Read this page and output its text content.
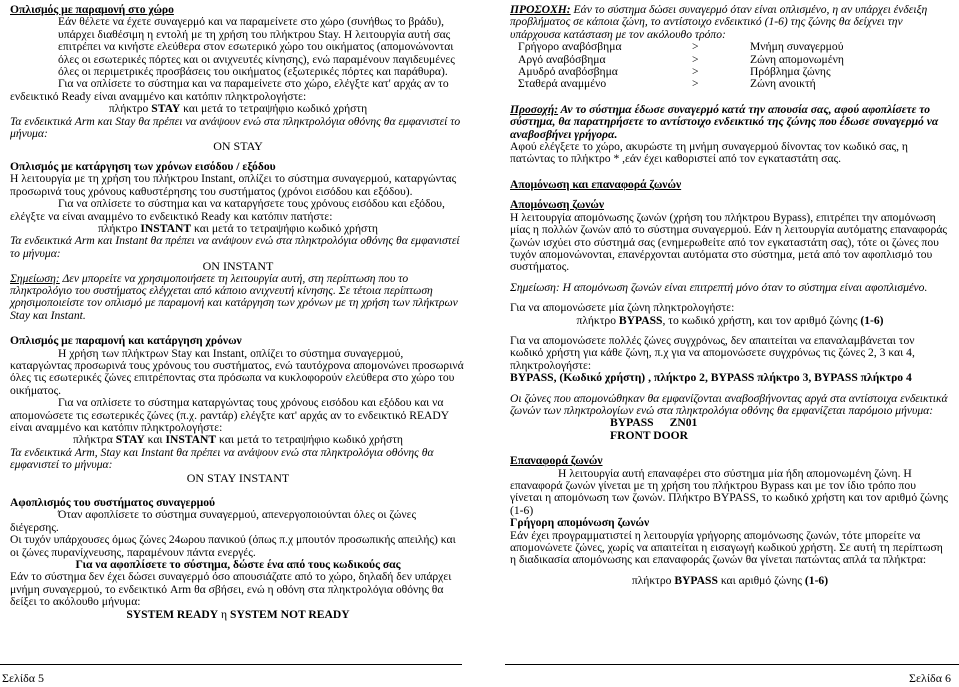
Οπλισμός με παραμονή στο χώρο

Εάν θέλετε να έχετε συναγερμό και να παραμείνετε στο χώρο (συνήθως το βράδυ), υπάρχει διαθέσιμη η εντολή με τη χρήση του πλήκτρου Stay. Η λειτουργία αυτή σας επιτρέπει να κινήστε ελεύθερα στον εσωτερικό χώρο του οικήματος (απομονώνονται όλες οι εσωτερικές πόρτες και οι ανιχνευτές κίνησης), ενώ παραμένουν παγιδευμένες όλες οι περιμετρικές προσβάσεις του οικήματος (εξωτερικές πόρτες και παράθυρα).

Για να οπλίσετε το σύστημα και να παραμείνετε στο χώρο, ελέγξτε κατ' αρχάς αν το ενδεικτικό Ready είναι αναμμένο και κατόπιν πληκτρολογήστε:

πλήκτρο STAY και μετά το τετραψήφιο κωδικό χρήστη

Τα ενδεικτικά Arm και Stay θα πρέπει να ανάψουν ενώ στα πληκτρολόγια οθόνης θα εμφανιστεί το μήνυμα:

ON STAY

Οπλισμός με κατάργηση των χρόνων εισόδου / εξόδου

Η λειτουργία με τη χρήση του πλήκτρου Instant, οπλίζει το σύστημα συναγερμού, καταργώντας προσωρινά τους χρόνους καθυστέρησης του συστήματος (χρόνοι εισόδου και εξόδου).

Για να οπλίσετε το σύστημα και να καταργήσετε τους χρόνους εισόδου και εξόδου, ελέγξτε να είναι αναμμένο το ενδεικτικό Ready και κατόπιν πατήστε:

πλήκτρο INSTANT και μετά το τετραψήφιο κωδικό χρήστη

Τα ενδεικτικά Arm και Instant θα πρέπει να ανάψουν ενώ στα πληκτρολόγια οθόνης θα εμφανιστεί το μήνυμα:

ON INSTANT

Σημείωση: Δεν μπορείτε να χρησιμοποιήσετε τη λειτουργία αυτή, στη περίπτωση που το πληκτρολόγιο του συστήματος ελέγχεται από κάποιο ανιχνευτή κίνησης. Σε τέτοια περίπτωση χρησιμοποιείστε τον οπλισμό με παραμονή και κατάργηση των χρόνων με τη χρήση των πλήκτρων Stay και Instant.

Οπλισμός με παραμονή και κατάργηση χρόνων

Η χρήση των πλήκτρων Stay και Instant, οπλίζει το σύστημα συναγερμού, καταργώντας προσωρινά τους χρόνους του συστήματος, ενώ ταυτόχρονα απομονώνει προσωρινά όλες τις εσωτερικές ζώνες επιτρέποντας στα πρόσωπα να κυκλοφορούν ελεύθερα στο χώρο του οικήματος.

Για να οπλίσετε το σύστημα καταργώντας τους χρόνους εισόδου και εξόδου και να απομονώσετε τις εσωτερικές ζώνες (π.χ. ραντάρ) ελέγξτε κατ' αρχάς αν το ενδεικτικό READY είναι αναμμένο και κατόπιν πληκτρολογήστε:

πλήκτρα STAY και INSTANT και μετά το τετραψήφιο κωδικό χρήστη

Τα ενδεικτικά Arm, Stay και Instant θα πρέπει να ανάψουν ενώ στα πληκτρολόγια οθόνης θα εμφανιστεί το μήνυμα:

ON STAY INSTANT

Αφοπλισμός του συστήματος συναγερμού

Όταν αφοπλίσετε το σύστημα συναγερμού, απενεργοποιούνται όλες οι ζώνες διέγερσης.

Οι τυχόν υπάρχουσες όμως ζώνες 24ωρου πανικού (όπως π.χ μπουτόν προσωπικής απειλής) και οι ζώνες πυρανίχνευσης, παραμένουν πάντα ενεργές.

Για να αφοπλίσετε το σύστημα, δώστε ένα από τους κωδικούς σας

Εάν το σύστημα δεν έχει δώσει συναγερμό όσο απουσιάζατε από το χώρο, δηλαδή δεν υπάρχει μνήμη συναγερμού, το ενδεικτικό Arm θα σβήσει, ενώ η οθόνη στα πληκτρολόγια οθόνης θα δείξει το ακόλουθο μήνυμα:

SYSTEM READY η SYSTEM NOT READY

ΠΡΟΣΟΧΗ: Εάν το σύστημα δώσει συναγερμό όταν είναι οπλισμένο, η αν υπάρχει ένδειξη προβλήματος σε κάποια ζώνη, το αντίστοιχο ενδεικτικό (1-6) της ζώνης θα δείχνει την υπάρχουσα κατάσταση με τον ακόλουθο τρόπο:

Γρήγορο αναβόσβημα	>	Μνήμη συναγερμού
Αργό αναβόσβημα	>	Ζώνη απομονωμένη
Αμυδρό αναβόσβημα	>	Πρόβλημα ζώνης
Σταθερά αναμμένο	>	Ζώνη ανοικτή

Προσοχή: Αν το σύστημα έδωσε συναγερμό κατά την απουσία σας, αφού αφοπλίσετε το σύστημα, θα παρατηρήσετε το αντίστοιχο ενδεικτικό της ζώνης που έδωσε συναγερμό να αναβοσβήνει γρήγορα.

Αφού ελέγξετε το χώρο, ακυρώστε τη μνήμη συναγερμού δίνοντας τον κωδικό σας, η πατώντας το πλήκτρο * ,εάν έχει καθοριστεί από τον εγκαταστάτη σας.

Απομόνωση και επαναφορά ζωνών

Απομόνωση ζωνών

Η λειτουργία απομόνωσης ζωνών (χρήση του πλήκτρου Bypass), επιτρέπει την απομόνωση μίας η πολλών ζωνών από το σύστημα συναγερμού. Εάν η λειτουργία αυτόματης επαναφοράς ζωνών ισχύει στο σύστημά σας (ενημερωθείτε από τον εγκαταστάτη σας), τότε οι ζώνες που τυχόν απομονώνονται, επανέρχονται αυτόματα στο σύστημα, μετά από τον αφοπλισμό του συστήματος.

Σημείωση: Η απομόνωση ζωνών είναι επιτρεπτή μόνο όταν το σύστημα είναι αφοπλισμένο.

Για να απομονώσετε μία ζώνη πληκτρολογήστε:

πλήκτρο BYPASS, το κωδικό χρήστη, και τον αριθμό ζώνης (1-6)

Για να απομονώσετε πολλές ζώνες συγχρόνως, δεν απαιτείται να επαναλαμβάνεται τον κωδικό χρήστη για κάθε ζώνη, π.χ για να απομονώσετε συγχρόνως τις ζώνες 2, 3 και 4, πληκτρολογήστε:

BYPASS, (Κωδικό χρήστη) , πλήκτρο 2, BYPASS πλήκτρο 3, BYPASS πλήκτρο 4

Οι ζώνες που απομονώθηκαν θα εμφανίζονται αναβοσβήνοντας αργά στα αντίστοιχα ενδεικτικά ζωνών των πληκτρολογίων ενώ στα πληκτρολόγια οθόνης θα εμφανίζεται παρόμοιο μήνυμα:

BYPASS ZN01

FRONT DOOR

Επαναφορά ζωνών

Η λειτουργία αυτή επαναφέρει στο σύστημα μία ήδη απομονωμένη ζώνη. Η επαναφορά ζωνών γίνεται με τη χρήση του πλήκτρου Bypass και με τον ίδιο τρόπο που γίνεται η απομόνωση των ζωνών. Πλήκτρο BYPASS, το κωδικό χρήστη και τον αριθμό ζώνης (1-6)

Γρήγορη απομόνωση ζωνών

Εάν έχει προγραμματιστεί η λειτουργία γρήγορης απομόνωσης ζωνών, τότε μπορείτε να απομονώνετε ζώνες, χωρίς να απαιτείται η εισαγωγή κωδικού χρήστη. Σε αυτή τη περίπτωση η διαδικασία απομόνωσης και επαναφοράς ζωνών θα γίνεται πατώντας απλά τα πλήκτρα:

πλήκτρο BYPASS και αριθμό ζώνης (1-6)

Σελίδα 5	Σελίδα 6
